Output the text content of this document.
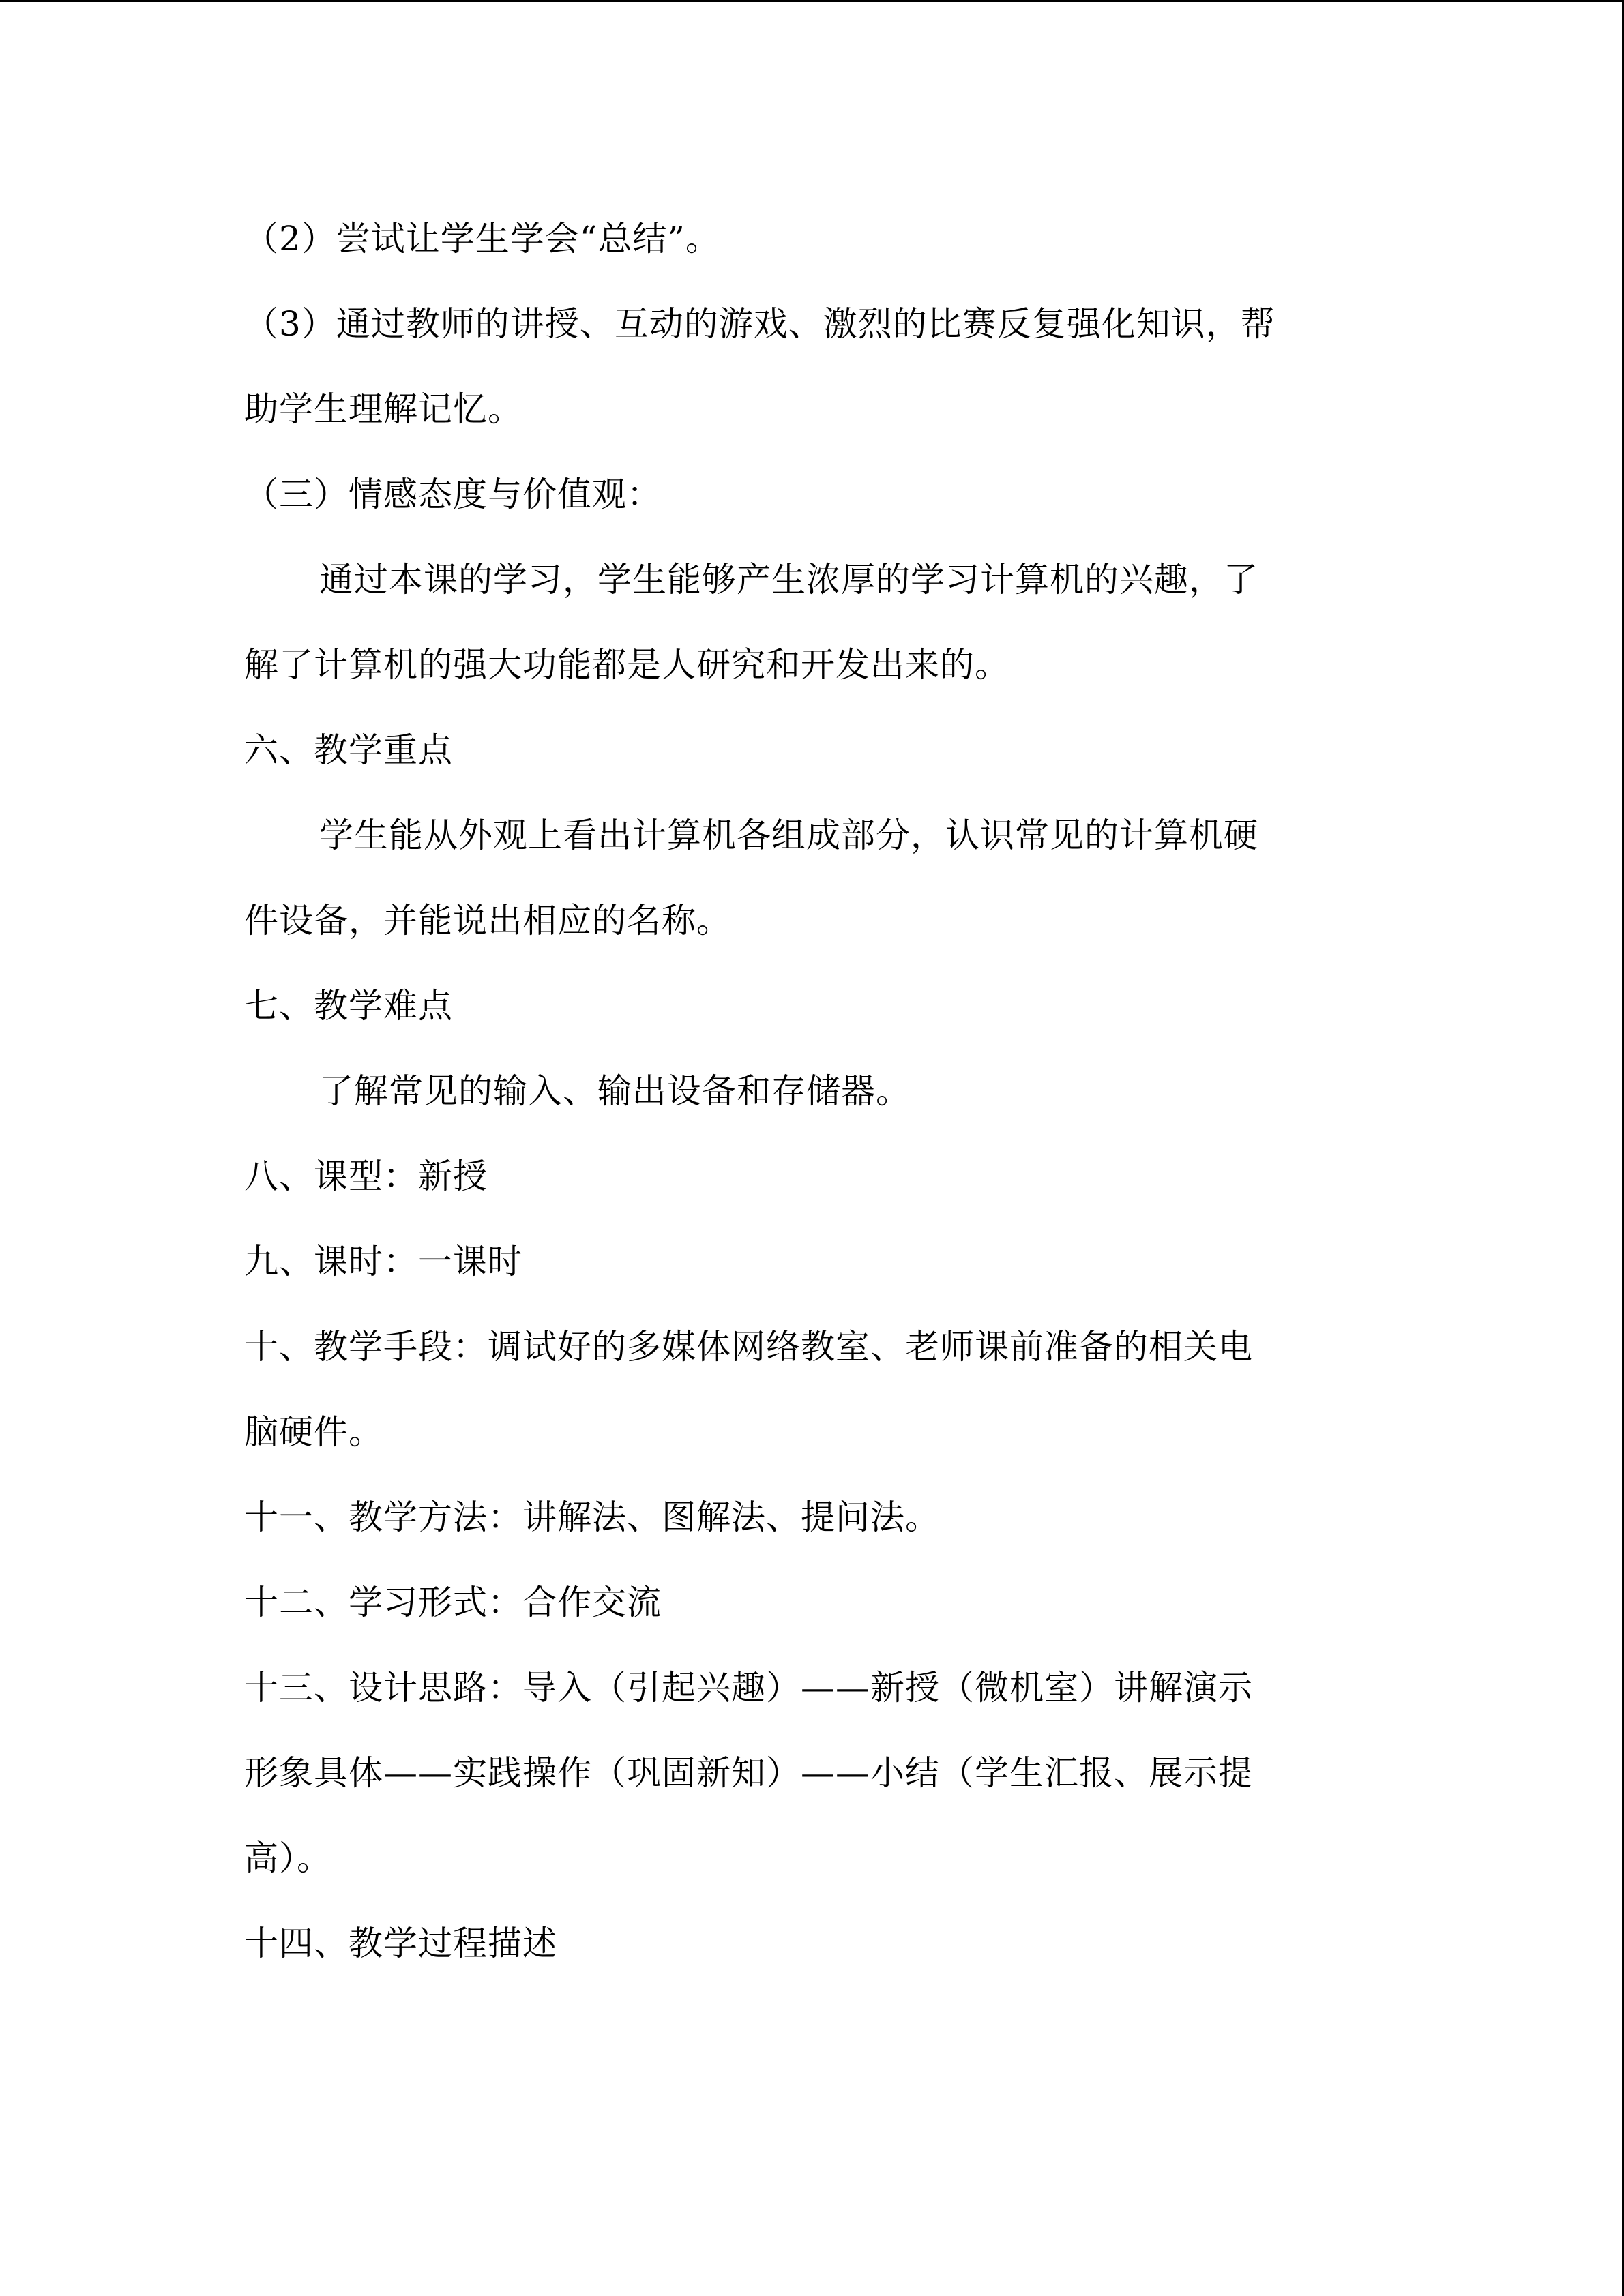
（2）尝试让学生学会“总结”。
（3）通过教师的讲授、互动的游戏、激烈的比赛反复强化知识，帮
助学生理解记忆。
（三）情感态度与价值观：
通过本课的学习，学生能够产生浓厚的学习计算机的兴趣，了
解了计算机的强大功能都是人研究和开发出来的。
六、教学重点
学生能从外观上看出计算机各组成部分，认识常见的计算机硬
件设备，并能说出相应的名称。
七、教学难点
了解常见的输入、输出设备和存储器。
八、课型：新授
九、课时：一课时
十、教学手段：调试好的多媒体网络教室、老师课前准备的相关电
脑硬件。
十一、教学方法：讲解法、图解法、提问法。
十二、学习形式：合作交流
十三、设计思路：导入（引起兴趣）——新授（微机室）讲解演示
形象具体——实践操作（巩固新知）——小结（学生汇报、展示提
高）。
十四、教学过程描述
